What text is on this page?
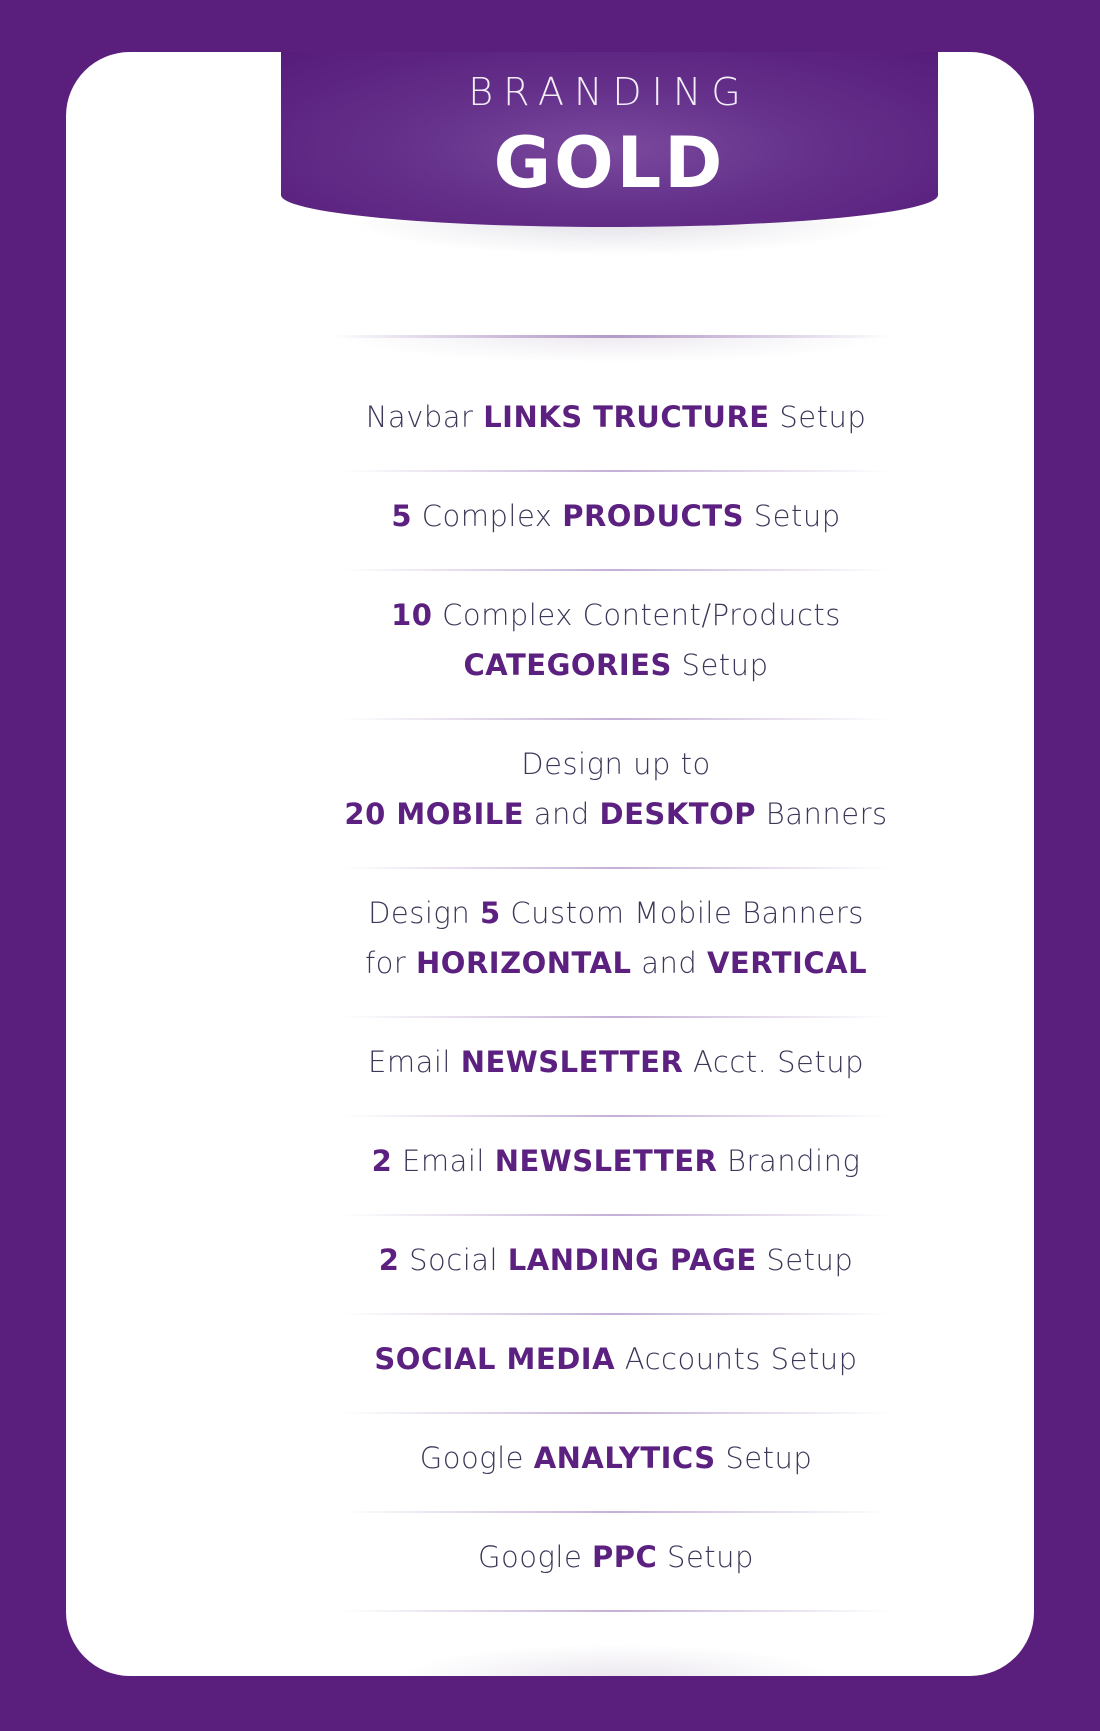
BRANDING
GOLD
Navbar LINKS TRUCTURE Setup
5 Complex PRODUCTS Setup
10 Complex Content/Products
CATEGORIES Setup
Design up to
20 MOBILE and DESKTOP Banners
Design 5 Custom Mobile Banners
for HORIZONTAL and VERTICAL
Email NEWSLETTER Acct. Setup
2 Email NEWSLETTER Branding
2 Social LANDING PAGE Setup
SOCIAL MEDIA Accounts Setup
Google ANALYTICS Setup
Google PPC Setup
